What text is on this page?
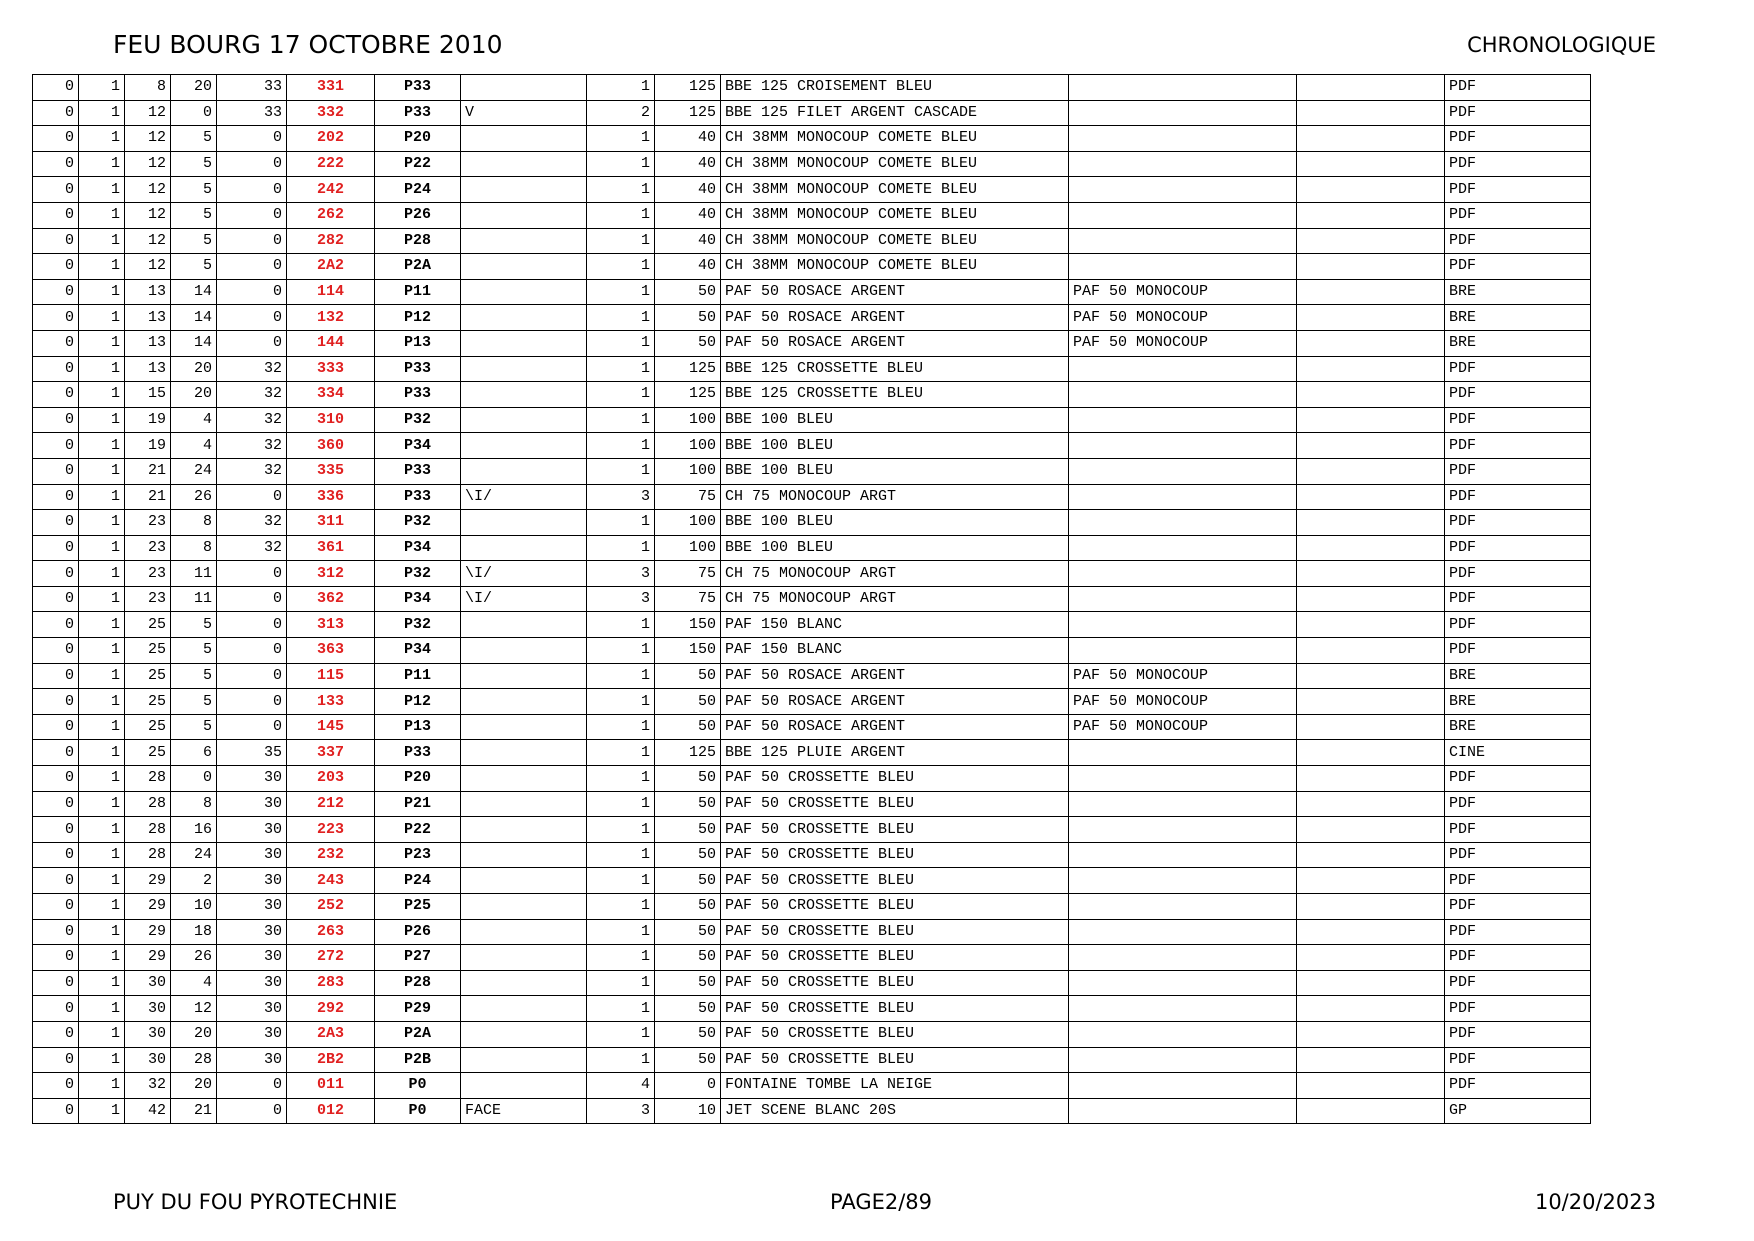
FEU BOURG 17 OCTOBRE 2010	CHRONOLOGIQUE
0	1	8	20	33	331	P33		1	125	BBE 125 CROISEMENT BLEU			PDF
0	1	12	0	33	332	P33	V	2	125	BBE 125 FILET ARGENT CASCADE			PDF
0	1	12	5	0	202	P20		1	40	CH 38MM MONOCOUP COMETE BLEU			PDF
0	1	12	5	0	222	P22		1	40	CH 38MM MONOCOUP COMETE BLEU			PDF
0	1	12	5	0	242	P24		1	40	CH 38MM MONOCOUP COMETE BLEU			PDF
0	1	12	5	0	262	P26		1	40	CH 38MM MONOCOUP COMETE BLEU			PDF
0	1	12	5	0	282	P28		1	40	CH 38MM MONOCOUP COMETE BLEU			PDF
0	1	12	5	0	2A2	P2A		1	40	CH 38MM MONOCOUP COMETE BLEU			PDF
0	1	13	14	0	114	P11		1	50	PAF 50 ROSACE ARGENT	PAF 50 MONOCOUP		BRE
0	1	13	14	0	132	P12		1	50	PAF 50 ROSACE ARGENT	PAF 50 MONOCOUP		BRE
0	1	13	14	0	144	P13		1	50	PAF 50 ROSACE ARGENT	PAF 50 MONOCOUP		BRE
0	1	13	20	32	333	P33		1	125	BBE 125 CROSSETTE BLEU			PDF
0	1	15	20	32	334	P33		1	125	BBE 125 CROSSETTE BLEU			PDF
0	1	19	4	32	310	P32		1	100	BBE 100 BLEU			PDF
0	1	19	4	32	360	P34		1	100	BBE 100 BLEU			PDF
0	1	21	24	32	335	P33		1	100	BBE 100 BLEU			PDF
0	1	21	26	0	336	P33	\I/	3	75	CH 75 MONOCOUP ARGT			PDF
0	1	23	8	32	311	P32		1	100	BBE 100 BLEU			PDF
0	1	23	8	32	361	P34		1	100	BBE 100 BLEU			PDF
0	1	23	11	0	312	P32	\I/	3	75	CH 75 MONOCOUP ARGT			PDF
0	1	23	11	0	362	P34	\I/	3	75	CH 75 MONOCOUP ARGT			PDF
0	1	25	5	0	313	P32		1	150	PAF 150 BLANC			PDF
0	1	25	5	0	363	P34		1	150	PAF 150 BLANC			PDF
0	1	25	5	0	115	P11		1	50	PAF 50 ROSACE ARGENT	PAF 50 MONOCOUP		BRE
0	1	25	5	0	133	P12		1	50	PAF 50 ROSACE ARGENT	PAF 50 MONOCOUP		BRE
0	1	25	5	0	145	P13		1	50	PAF 50 ROSACE ARGENT	PAF 50 MONOCOUP		BRE
0	1	25	6	35	337	P33		1	125	BBE 125 PLUIE ARGENT			CINE
0	1	28	0	30	203	P20		1	50	PAF 50 CROSSETTE BLEU			PDF
0	1	28	8	30	212	P21		1	50	PAF 50 CROSSETTE BLEU			PDF
0	1	28	16	30	223	P22		1	50	PAF 50 CROSSETTE BLEU			PDF
0	1	28	24	30	232	P23		1	50	PAF 50 CROSSETTE BLEU			PDF
0	1	29	2	30	243	P24		1	50	PAF 50 CROSSETTE BLEU			PDF
0	1	29	10	30	252	P25		1	50	PAF 50 CROSSETTE BLEU			PDF
0	1	29	18	30	263	P26		1	50	PAF 50 CROSSETTE BLEU			PDF
0	1	29	26	30	272	P27		1	50	PAF 50 CROSSETTE BLEU			PDF
0	1	30	4	30	283	P28		1	50	PAF 50 CROSSETTE BLEU			PDF
0	1	30	12	30	292	P29		1	50	PAF 50 CROSSETTE BLEU			PDF
0	1	30	20	30	2A3	P2A		1	50	PAF 50 CROSSETTE BLEU			PDF
0	1	30	28	30	2B2	P2B		1	50	PAF 50 CROSSETTE BLEU			PDF
0	1	32	20	0	011	P0		4	0	FONTAINE TOMBE LA NEIGE			PDF
0	1	42	21	0	012	P0	FACE	3	10	JET SCENE BLANC 20S			GP
PUY DU FOU PYROTECHNIE	PAGE2/89	10/20/2023
